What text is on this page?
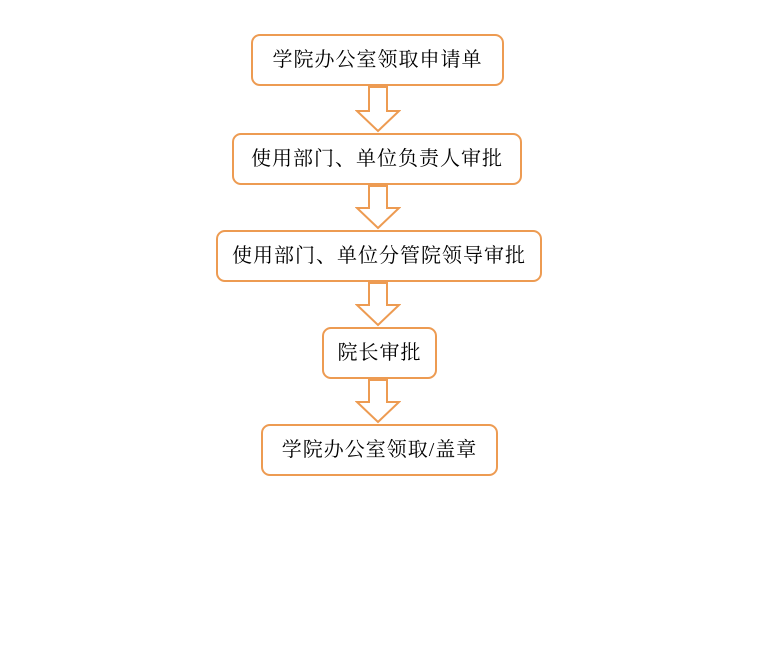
学院办公室领取申请单
使用部门、单位负责人审批
使用部门、单位分管院领导审批
院长审批
学院办公室领取/盖章
